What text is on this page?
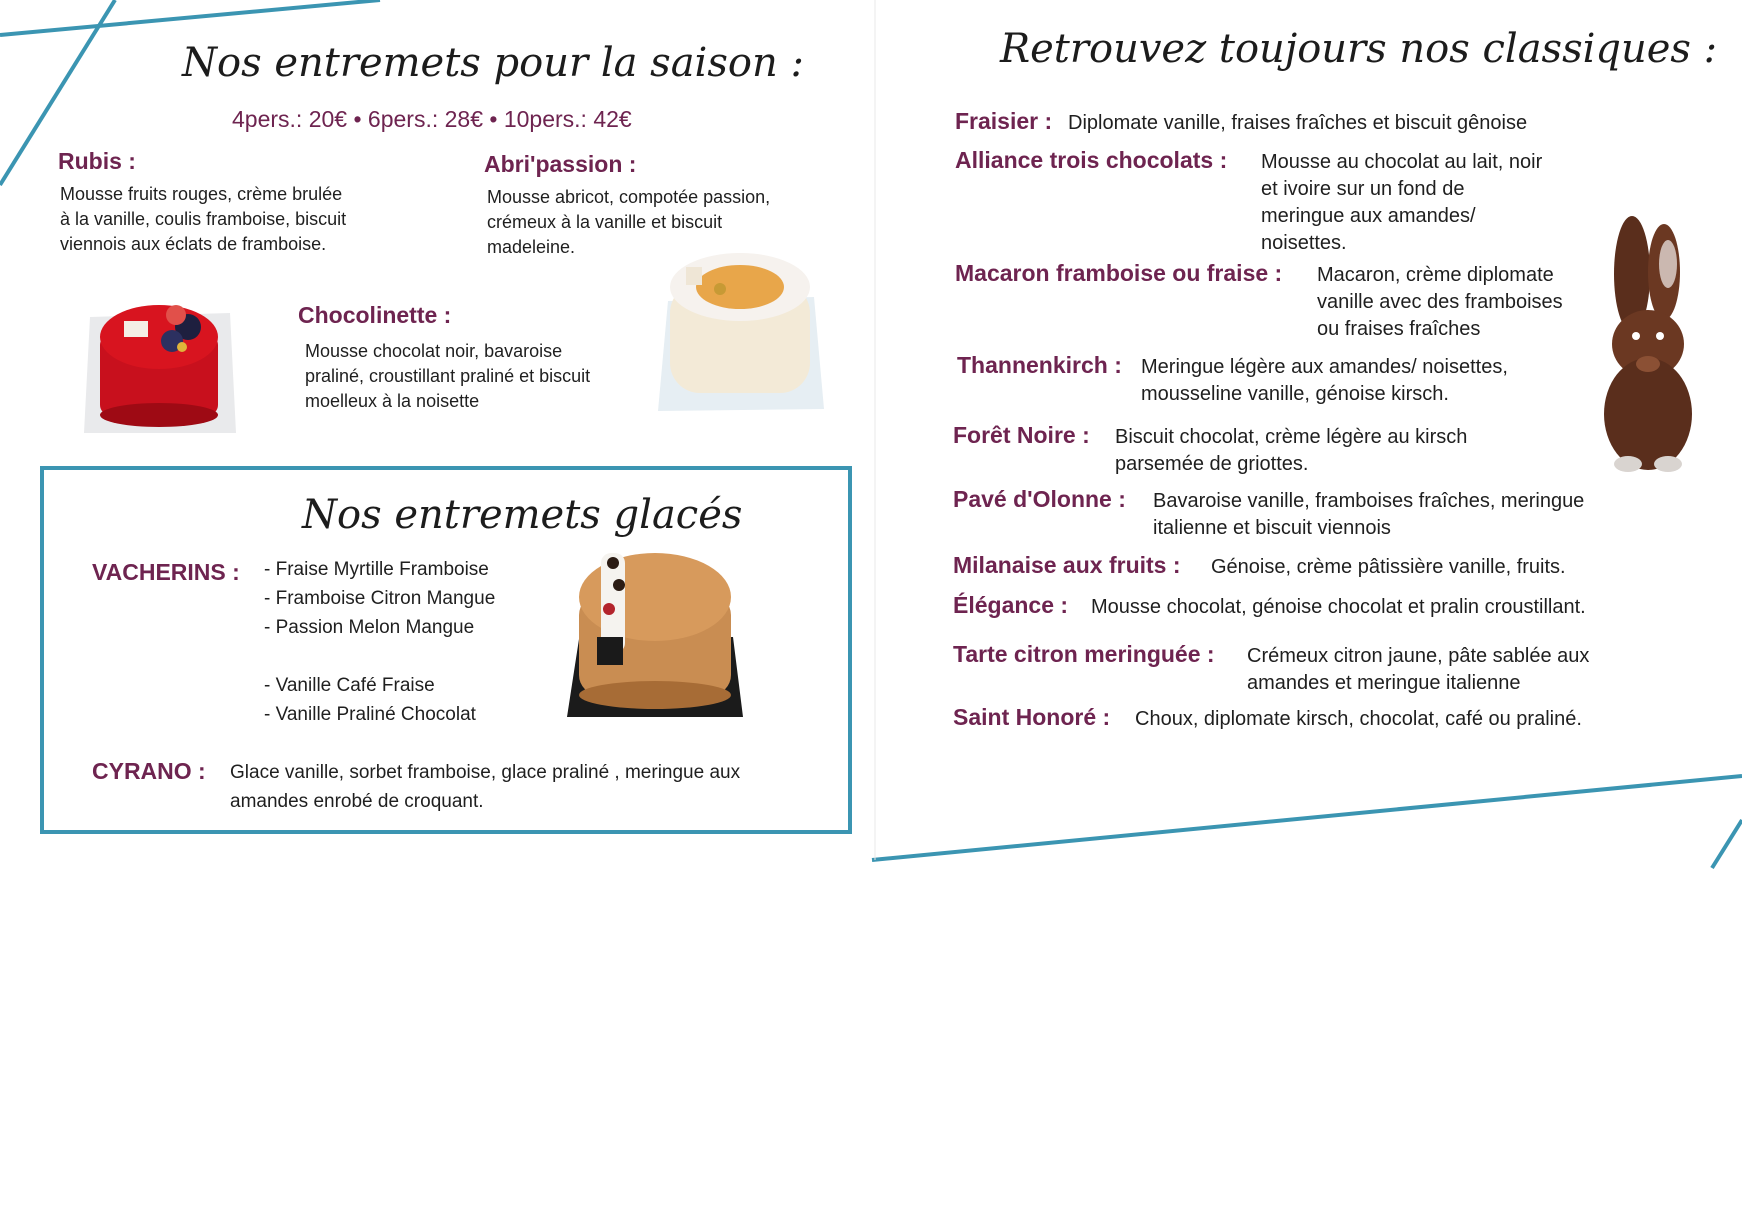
Nos entremets pour la saison :
4pers.: 20€ • 6pers.: 28€ • 10pers.: 42€
Rubis :
Mousse fruits rouges, crème brulée
à la vanille, coulis framboise, biscuit
viennois aux éclats de framboise.
Abri'passion :
Mousse abricot, compotée passion,
crémeux à la vanille et biscuit
madeleine.
Chocolinette :
Mousse chocolat noir, bavaroise
praliné, croustillant praliné et biscuit
moelleux à la noisette
Nos entremets glacés
VACHERINS : - Fraise Myrtille Framboise
- Framboise Citron Mangue
- Passion Melon Mangue
- Vanille Café Fraise
- Vanille Praliné Chocolat
CYRANO : Glace vanille, sorbet framboise, glace praliné , meringue aux
amandes enrobé de croquant.
Retrouvez toujours nos classiques :
Fraisier : Diplomate vanille, fraises fraîches et biscuit gênoise
Alliance trois chocolats : Mousse au chocolat au lait, noir
et ivoire sur un fond de
meringue aux amandes/
noisettes.
Macaron framboise ou fraise : Macaron, crème diplomate
vanille avec des framboises
ou fraises fraîches
Thannenkirch : Meringue légère aux amandes/ noisettes,
mousseline vanille, génoise kirsch.
Forêt Noire : Biscuit chocolat, crème légère au kirsch
parsemée de griottes.
Pavé d'Olonne : Bavaroise vanille, framboises fraîches, meringue
italienne et biscuit viennois
Milanaise aux fruits : Génoise, crème pâtissière vanille, fruits.
Élégance : Mousse chocolat, génoise chocolat et pralin croustillant.
Tarte citron meringuée : Crémeux citron jaune, pâte sablée aux
amandes et meringue italienne
Saint Honoré : Choux, diplomate kirsch, chocolat, café ou praliné.
